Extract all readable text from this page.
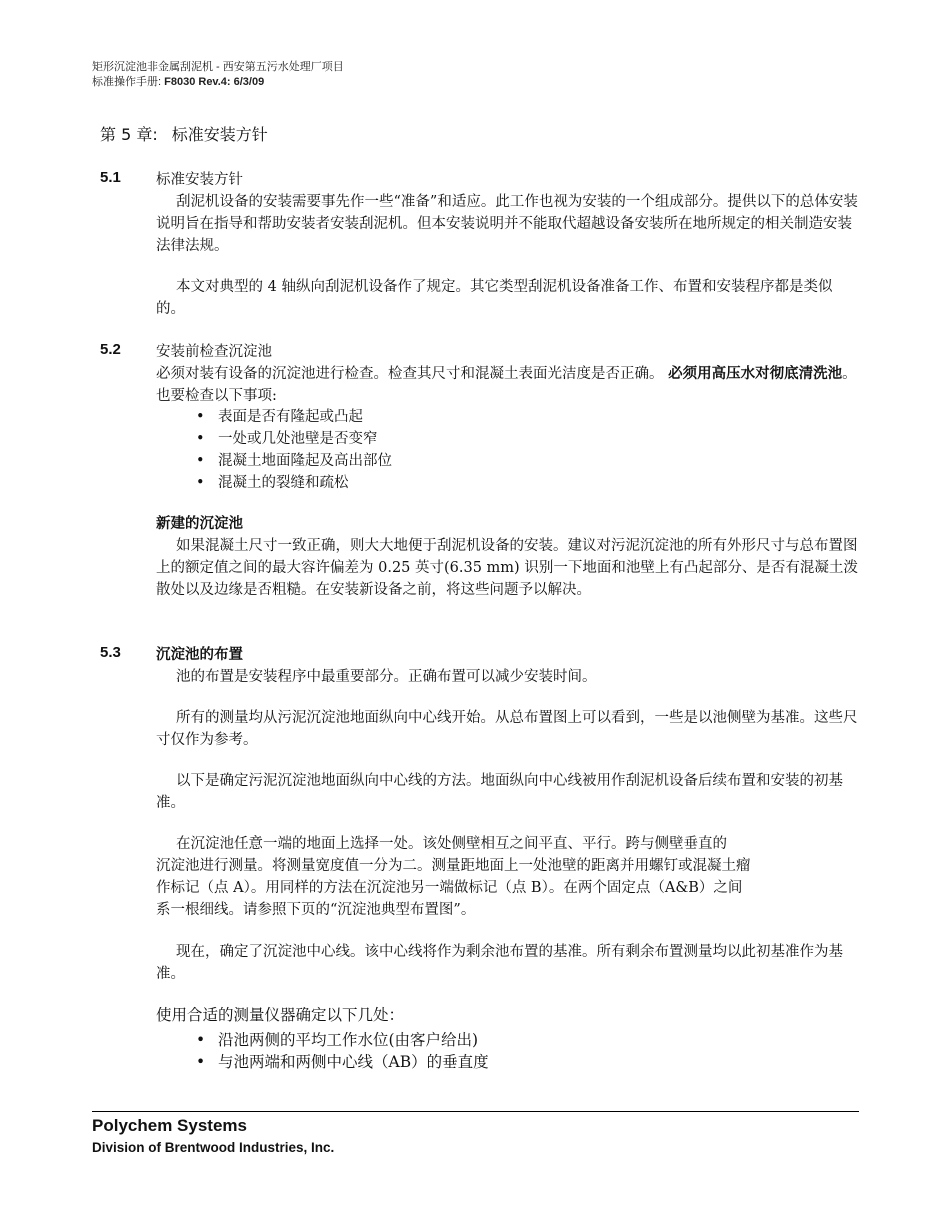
矩形沉淀池非金属刮泥机 - 西安第五污水处理厂项目
标准操作手册: F8030 Rev.4: 6/3/09
第 5 章: 标准安装方针
5.1 标准安装方针
刮泥机设备的安装需要事先作一些“准备”和适应。此工作也视为安装的一个组成部分。提供以下的总体安装说明旨在指导和帮助安装者安装刮泥机。但本安装说明并不能取代超越设备安装所在地所规定的相关制造安装法律法规。
本文对典型的 4 轴纵向刮泥机设备作了规定。其它类型刮泥机设备准备工作、布置和安装程序都是类似的。
5.2 安装前检查沉淀池
必须对装有设备的沉淀池进行检查。检查其尺寸和混凝土表面光洁度是否正确。 必须用高压水对彻底清洗池。也要检查以下事项:
• 表面是否有隆起或凸起
• 一处或几处池壁是否变窄
• 混凝土地面隆起及高出部位
• 混凝土的裂缝和疏松
新建的沉淀池
如果混凝土尺寸一致正确，则大大地便于刮泥机设备的安装。建议对污泥沉淀池的所有外形尺寸与总布置图上的额定值之间的最大容许偏差为 0.25 英寸(6.35 mm) 识别一下地面和池壁上有凸起部分、是否有混凝土泼散处以及边缘是否粗糙。在安装新设备之前，将这些问题予以解决。
5.3 沉淀池的布置
池的布置是安装程序中最重要部分。正确布置可以减少安装时间。
所有的测量均从污泥沉淀池地面纵向中心线开始。从总布置图上可以看到，一些是以池侧壁为基准。这些尺寸仅作为参考。
以下是确定污泥沉淀池地面纵向中心线的方法。地面纵向中心线被用作刮泥机设备后续布置和安装的初基准。
在沉淀池任意一端的地面上选择一处。该处侧壁相互之间平直、平行。跨与侧壁垂直的
沉淀池进行测量。将测量宽度值一分为二。测量距地面上一处池壁的距离并用螺钉或混凝土瘤
作标记（点 A）。用同样的方法在沉淀池另一端做标记（点 B）。在两个固定点（A&B）之间
系一根细线。请参照下页的“沉淀池典型布置图”。
现在，确定了沉淀池中心线。该中心线将作为剩余池布置的基准。所有剩余布置测量均以此初基准作为基准。
使用合适的测量仪器确定以下几处：
• 沿池两侧的平均工作水位(由客户给出)
• 与池两端和两侧中心线（AB）的垂直度
Polychem Systems
Division of Brentwood Industries, Inc.
